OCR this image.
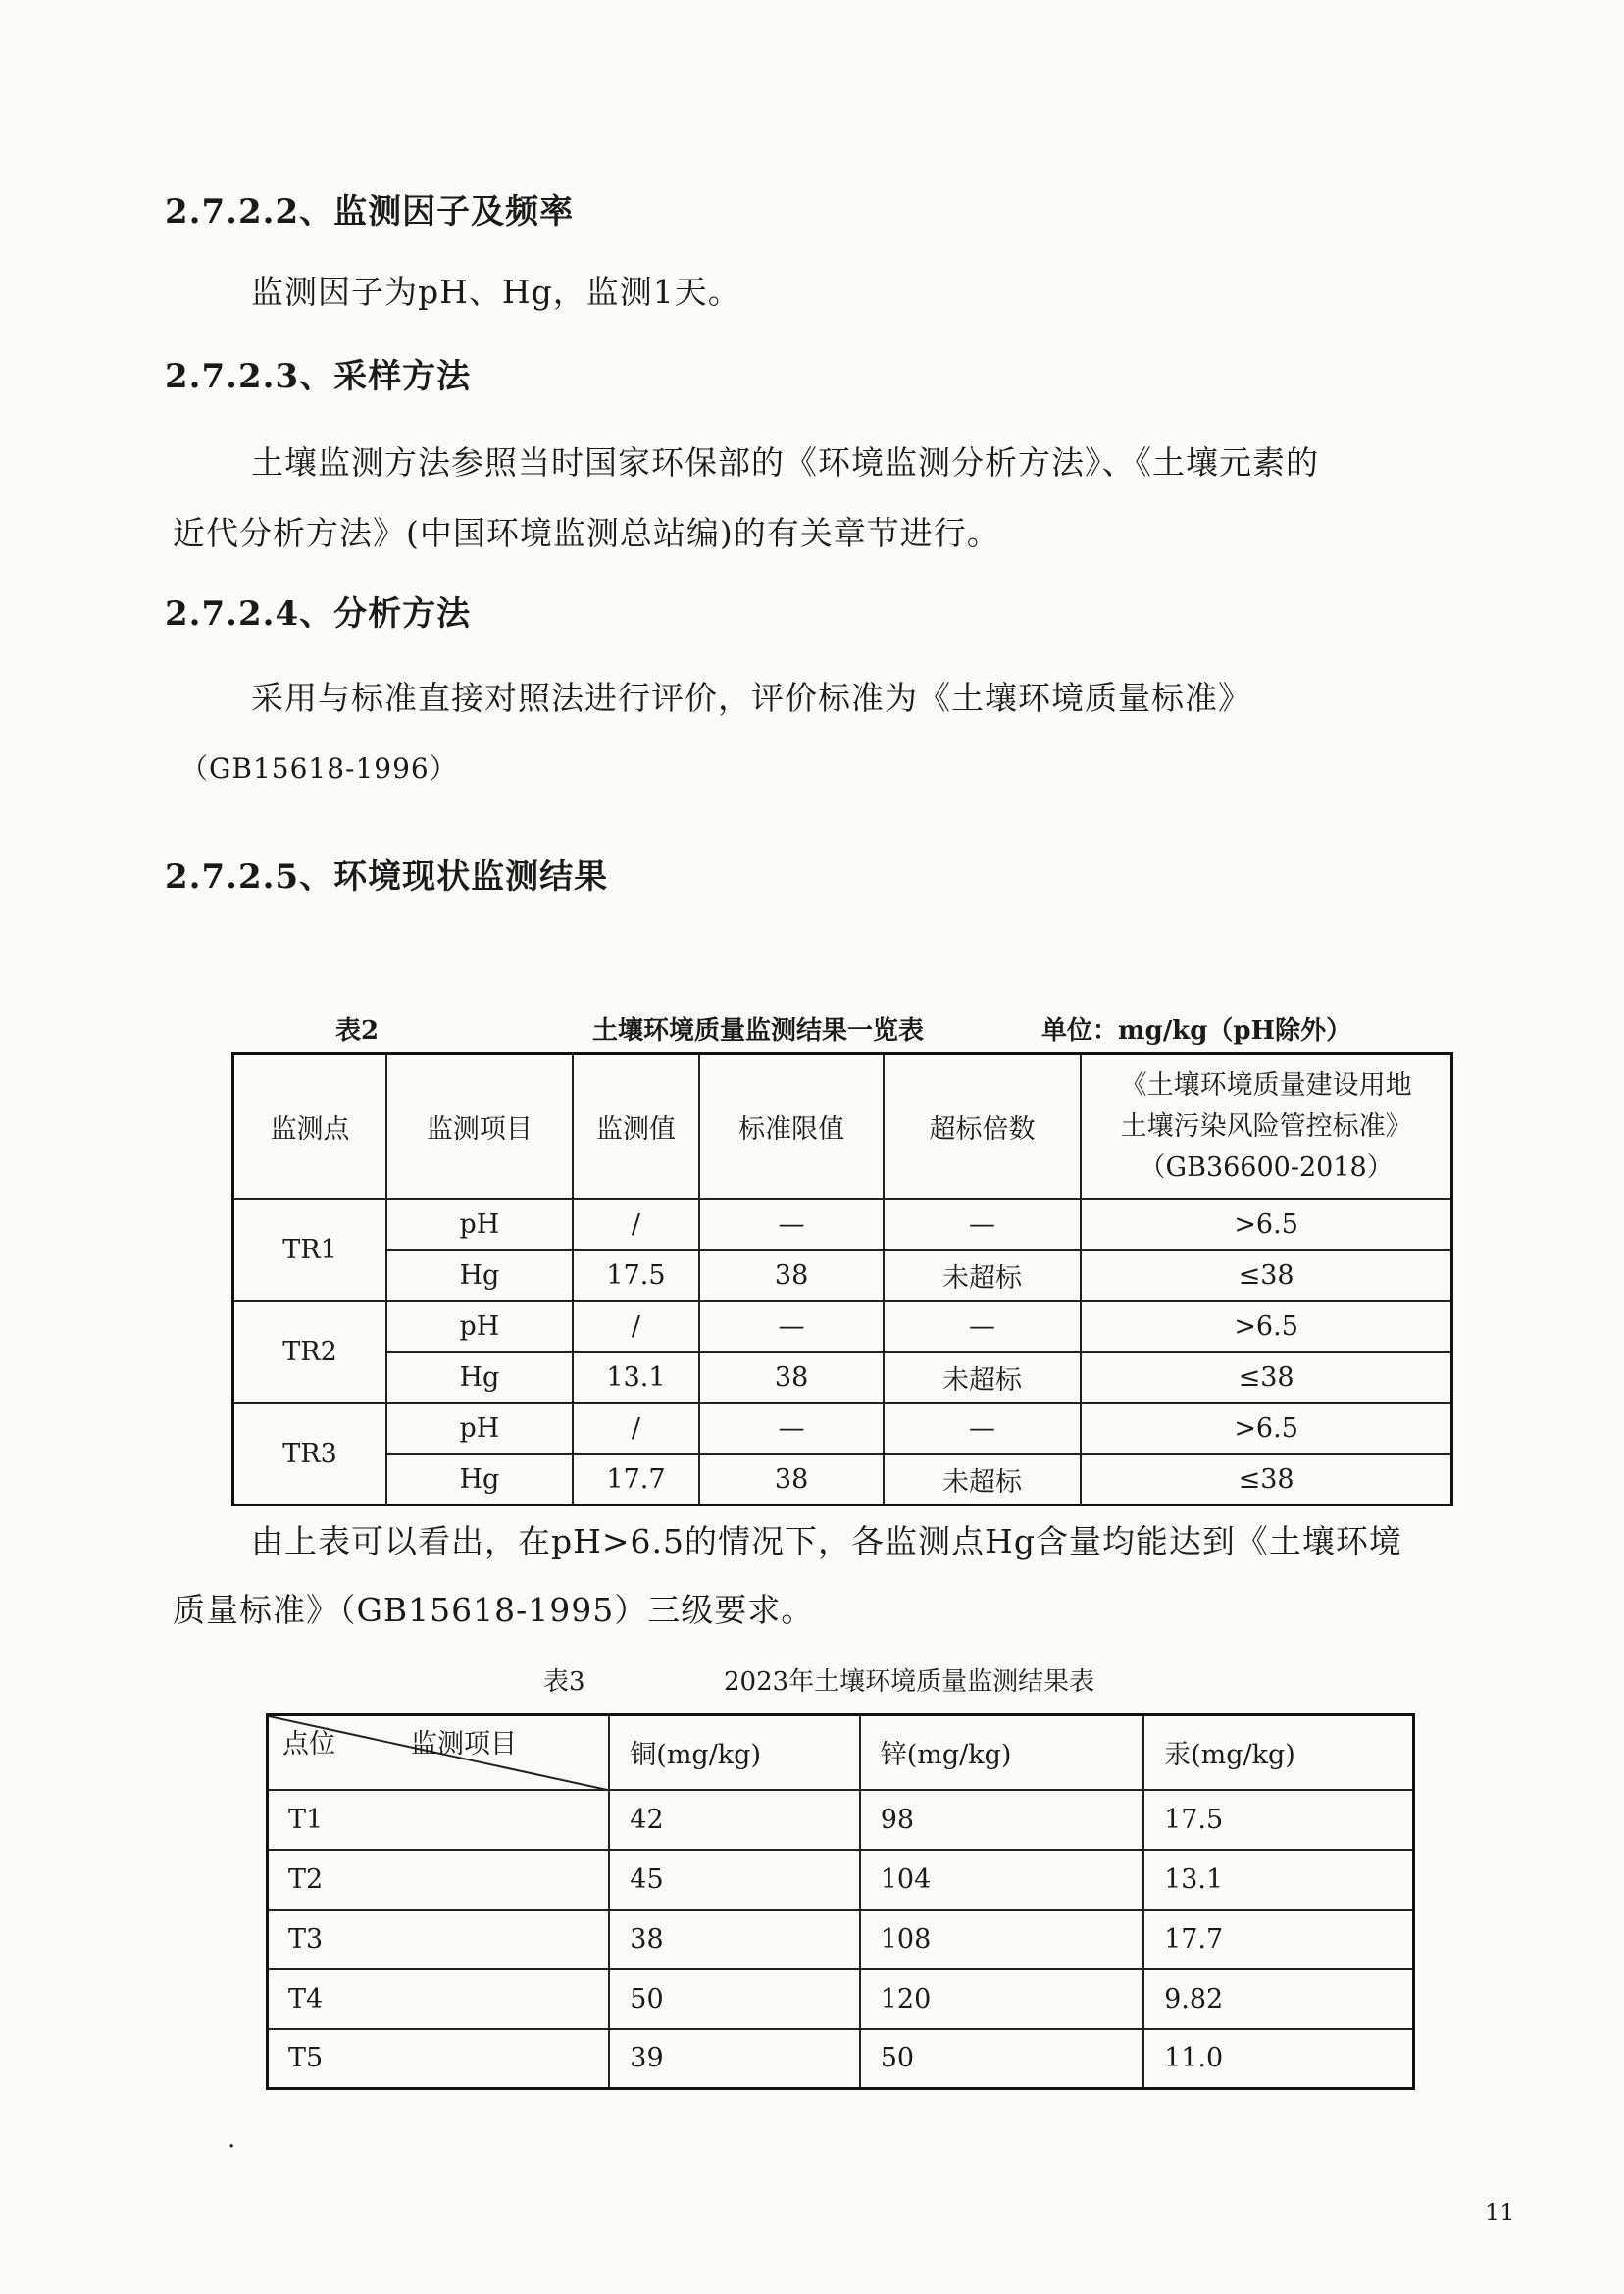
2.7.2.2、监测因子及频率
监测因子为pH、Hg，监测1天。
2.7.2.3、采样方法
土壤监测方法参照当时国家环保部的《环境监测分析方法》、《土壤元素的
近代分析方法》(中国环境监测总站编)的有关章节进行。
2.7.2.4、分析方法
采用与标准直接对照法进行评价，评价标准为《土壤环境质量标准》
（GB15618-1996）
2.7.2.5、环境现状监测结果
表2	土壤环境质量监测结果一览表	单位：mg/kg（pH除外）
监测点	监测项目	监测值	标准限值	超标倍数	《土壤环境质量建设用地
土壤污染风险管控标准》
（GB36600-2018）

TR1	pH	/	—	—	>6.5
	Hg	17.5	38	未超标	≤38
TR2	pH	/	—	—	>6.5
	Hg	13.1	38	未超标	≤38
TR3	pH	/	—	—	>6.5
	Hg	17.7	38	未超标	≤38
由上表可以看出，在pH>6.5的情况下，各监测点Hg含量均能达到《土壤环境
质量标准》（GB15618-1995）三级要求。
表3	2023年土壤环境质量监测结果表
点位 监测项目	铜(mg/kg)	锌(mg/kg)	汞(mg/kg)
T1	42	98	17.5
T2	45	104	13.1
T3	38	108	17.7
T4	50	120	9.82
T5	39	50	11.0
.
11
